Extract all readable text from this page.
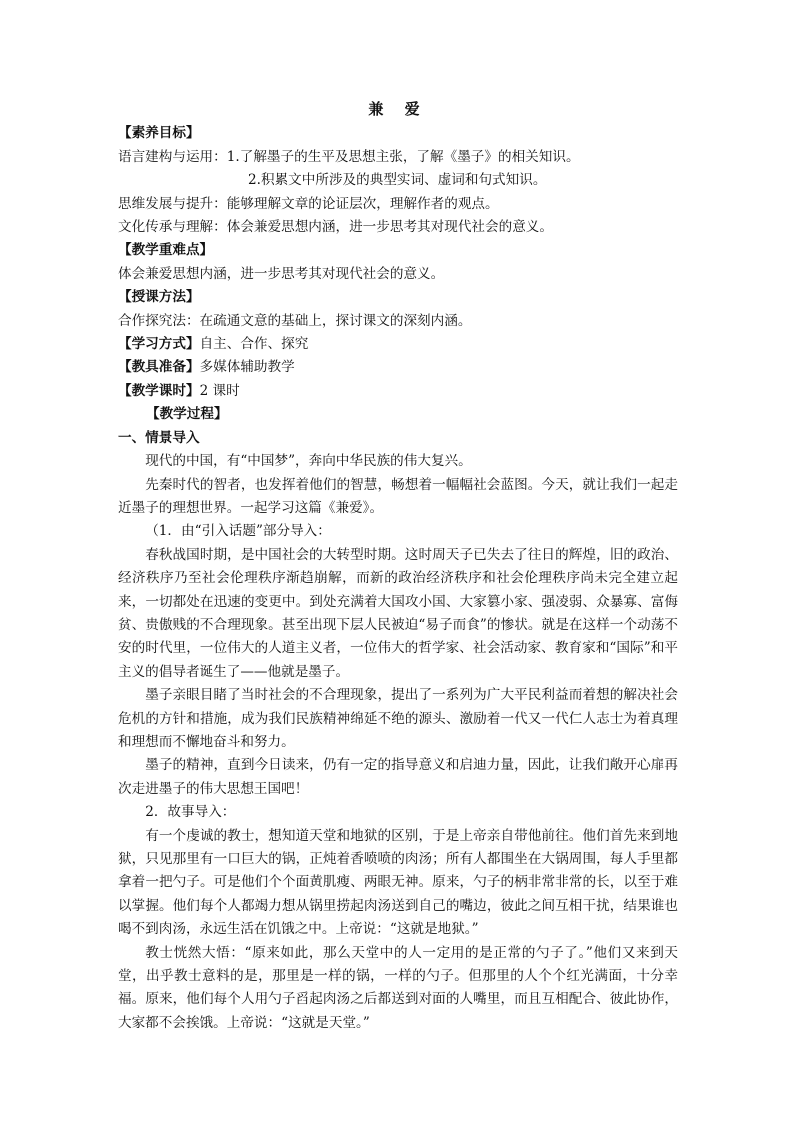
兼 爱
【素养目标】

语言建构与运用：1.了解墨子的生平及思想主张，了解《墨子》的相关知识。

2.积累文中所涉及的典型实词、虚词和句式知识。

思维发展与提升：能够理解文章的论证层次，理解作者的观点。

文化传承与理解：体会兼爱思想内涵，进一步思考其对现代社会的意义。

【教学重难点】

体会兼爱思想内涵，进一步思考其对现代社会的意义。

【授课方法】

合作探究法：在疏通文意的基础上，探讨课文的深刻内涵。

【学习方式】自主、合作、探究

【教具准备】多媒体辅助教学

【教学课时】2 课时

【教学过程】
一、情景导入

现代的中国，有“中国梦”，奔向中华民族的伟大复兴。

先秦时代的智者，也发挥着他们的智慧，畅想着一幅幅社会蓝图。今天，就让我们一起走近墨子的理想世界。一起学习这篇《兼爱》。

（1．由“引入话题”部分导入：

春秋战国时期，是中国社会的大转型时期。这时周天子已失去了往日的辉煌，旧的政治、经济秩序乃至社会伦理秩序渐趋崩解，而新的政治经济秩序和社会伦理秩序尚未完全建立起来，一切都处在迅速的变更中。到处充满着大国攻小国、大家篡小家、强凌弱、众暴寡、富侮贫、贵傲贱的不合理现象。甚至出现下层人民被迫“易子而食”的惨状。就是在这样一个动荡不安的时代里，一位伟大的人道主义者，一位伟大的哲学家、社会活动家、教育家和“国际”和平主义的倡导者诞生了——他就是墨子。

墨子亲眼目睹了当时社会的不合理现象，提出了一系列为广大平民利益而着想的解决社会危机的方针和措施，成为我们民族精神绵延不绝的源头、激励着一代又一代仁人志士为着真理和理想而不懈地奋斗和努力。

墨子的精神，直到今日读来，仍有一定的指导意义和启迪力量，因此，让我们敞开心扉再次走进墨子的伟大思想王国吧！

2．故事导入：

有一个虔诚的教士，想知道天堂和地狱的区别，于是上帝亲自带他前往。他们首先来到地狱，只见那里有一口巨大的锅，正炖着香喷喷的肉汤；所有人都围坐在大锅周围，每人手里都拿着一把勺子。可是他们个个面黄肌瘦、两眼无神。原来，勺子的柄非常非常的长，以至于难以掌握。他们每个人都竭力想从锅里捞起肉汤送到自己的嘴边，彼此之间互相干扰，结果谁也喝不到肉汤，永远生活在饥饿之中。上帝说：“这就是地狱。”

教士恍然大悟：“原来如此，那么天堂中的人一定用的是正常的勺子了。”他们又来到天堂，出乎教士意料的是，那里是一样的锅，一样的勺子。但那里的人个个红光满面，十分幸福。原来，他们每个人用勺子舀起肉汤之后都送到对面的人嘴里，而且互相配合、彼此协作，大家都不会挨饿。上帝说：“这就是天堂。”
